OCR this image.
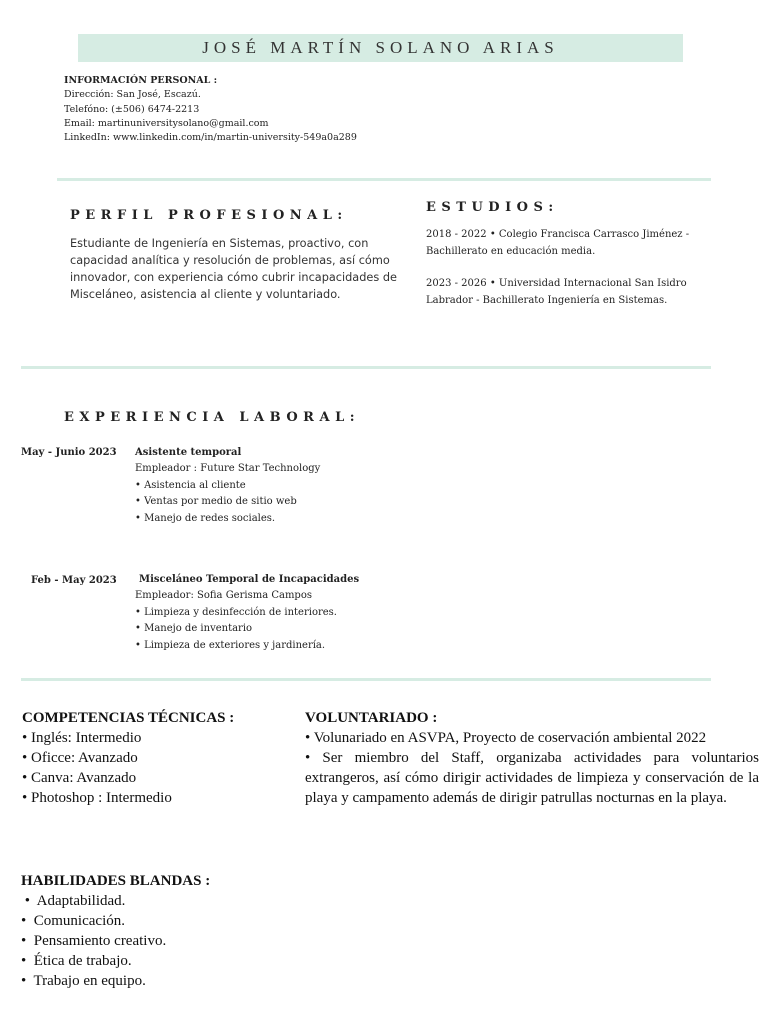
JOSÉ MARTÍN SOLANO ARIAS
INFORMACIÓN PERSONAL :
Dirección: San José, Escazú.
Telefóno: (±506) 6474-2213
Email: martinuniversitysolano@gmail.com
LinkedIn: www.linkedin.com/in/martin-university-549a0a289
PERFIL PROFESIONAL:
Estudiante de Ingeniería en Sistemas, proactivo, con capacidad analítica y resolución de problemas, así cómo innovador, con experiencia cómo cubrir incapacidades de Misceláneo, asistencia al cliente y voluntariado.
ESTUDIOS:
2018 - 2022 • Colegio Francisca Carrasco Jiménez - Bachillerato en educación media.
2023 - 2026 • Universidad Internacional San Isidro Labrador - Bachillerato Ingeniería en Sistemas.
EXPERIENCIA LABORAL:
May - Junio 2023 Asistente temporal
Empleador : Future Star Technology
• Asistencia al cliente
• Ventas por medio de sitio web
• Manejo de redes sociales.
Feb - May 2023	Misceláneo Temporal de Incapacidades
Empleador: Sofia Gerisma Campos
• Limpieza y desinfección de interiores.
• Manejo de inventario
• Limpieza de exteriores y jardinería.
COMPETENCIAS TÉCNICAS :
• Inglés: Intermedio
• Oficce: Avanzado
• Canva: Avanzado
• Photoshop : Intermedio
VOLUNTARIADO :
• Volunariado en ASVPA, Proyecto de coservación ambiental 2022
• Ser miembro del Staff, organizaba actividades para voluntarios extrangeros, así cómo dirigir actividades de limpieza y conservación de la playa y campamento además de dirigir patrullas nocturnas en la playa.
HABILIDADES BLANDAS :
•  Adaptabilidad.
•  Comunicación.
•  Pensamiento creativo.
•  Ética de trabajo.
•  Trabajo en equipo.
